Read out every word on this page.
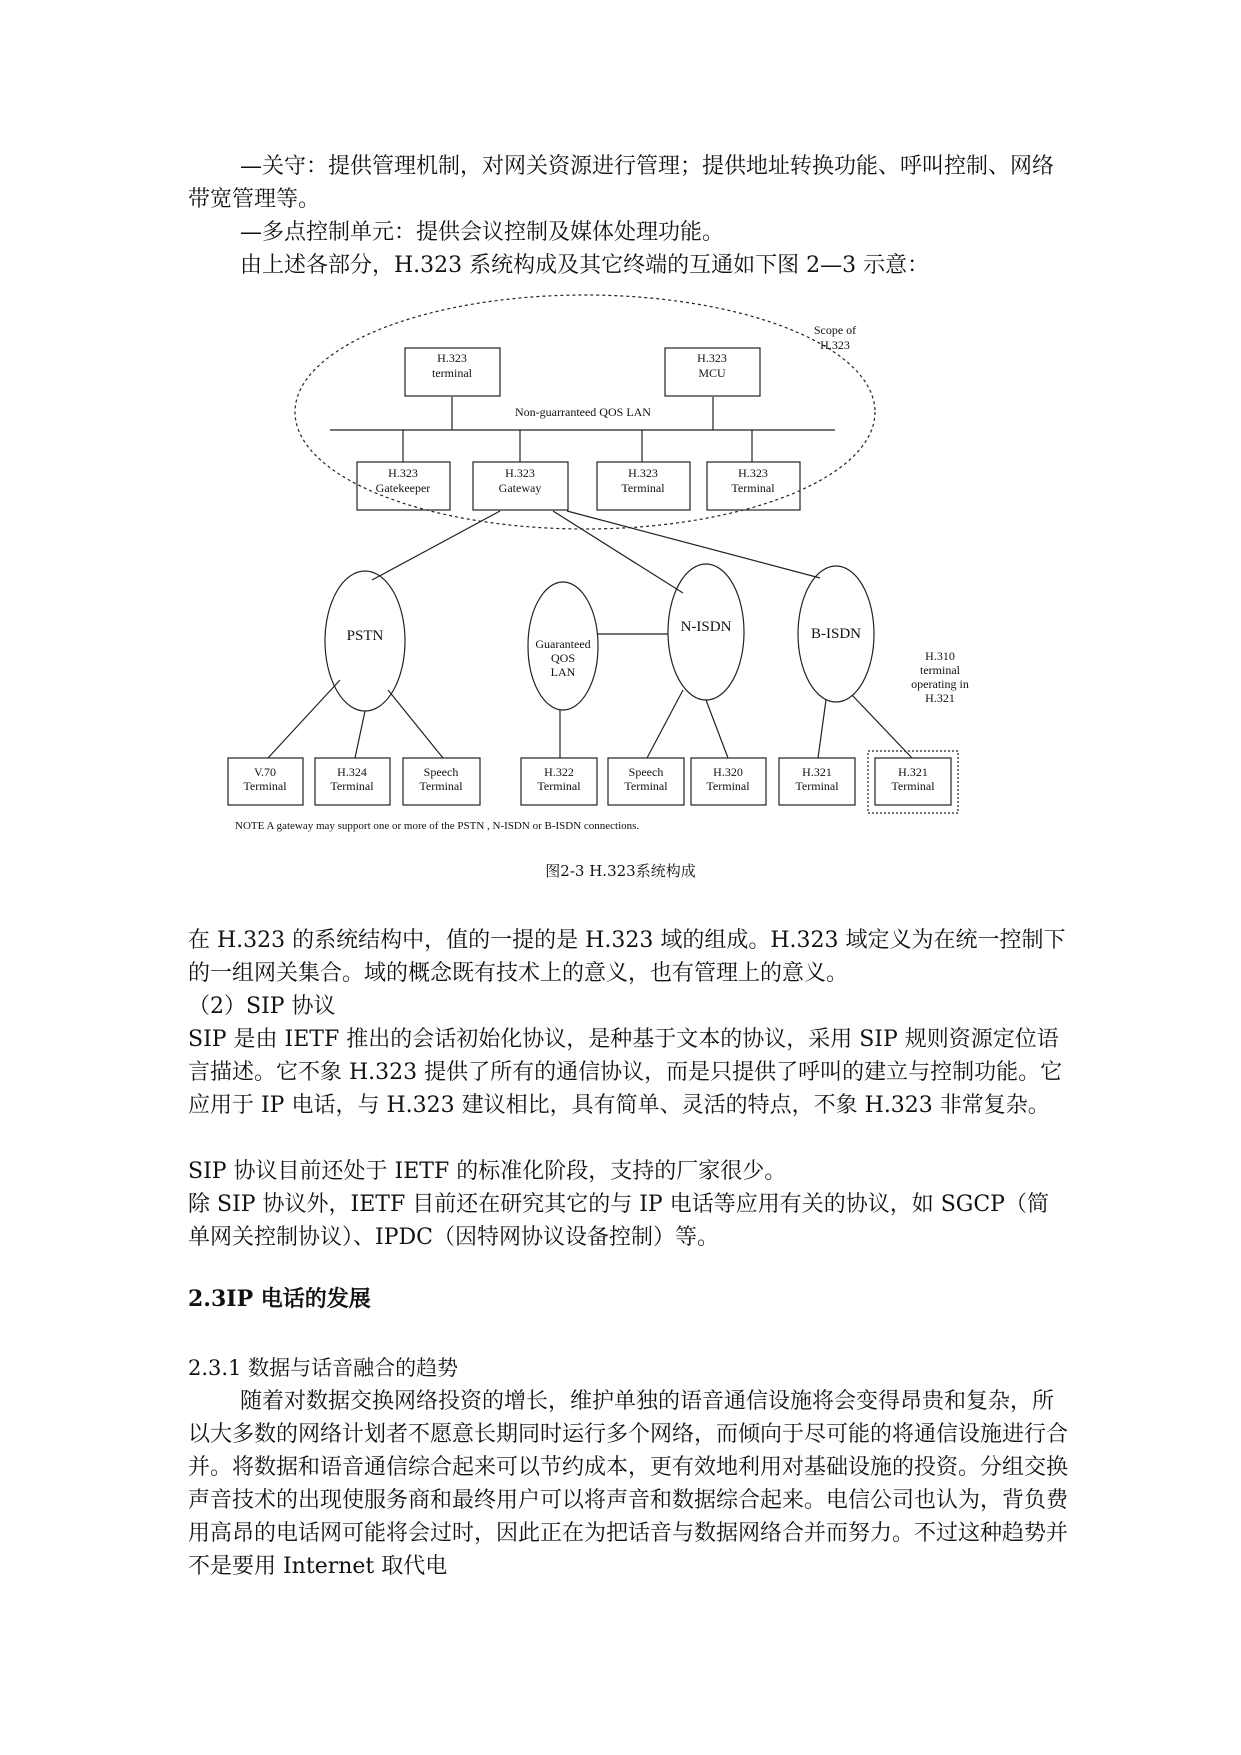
—关守：提供管理机制，对网关资源进行管理；提供地址转换功能、呼叫控制、网络带宽管理等。

—多点控制单元：提供会议控制及媒体处理功能。

由上述各部分，H.323 系统构成及其它终端的互通如下图 2—3 示意：

Scope of
H.323
Non-guarranteed QOS LAN
H.323
terminal
H.323
MCU
H.323
Gatekeeper
H.323
Gateway
H.323
Terminal
H.323
Terminal
PSTN	Guaranteed
QOS
LAN
N-ISDN	B-ISDN
H.310
terminal
operating in
H.321
V.70
Terminal
H.324
Terminal
Speech
Terminal
H.322
Terminal
Speech
Terminal
H.320
Terminal
H.321
Terminal
H.321
Terminal
NOTE A gateway may support one or more of the PSTN , N-ISDN or B-ISDN connections.

图2-3 H.323系统构成

在 H.323 的系统结构中，值的一提的是 H.323 域的组成。H.323 域定义为在统一控制下的一组网关集合。域的概念既有技术上的意义，也有管理上的意义。

（2）SIP 协议

SIP 是由 IETF 推出的会话初始化协议，是种基于文本的协议，采用 SIP 规则资源定位语言描述。它不象 H.323 提供了所有的通信协议，而是只提供了呼叫的建立与控制功能。它应用于 IP 电话，与 H.323 建议相比，具有简单、灵活的特点，不象 H.323 非常复杂。

SIP 协议目前还处于 IETF 的标准化阶段，支持的厂家很少。

除 SIP 协议外，IETF 目前还在研究其它的与 IP 电话等应用有关的协议，如 SGCP（简单网关控制协议）、IPDC（因特网协议设备控制）等。

2.3IP 电话的发展

2.3.1 数据与话音融合的趋势

随着对数据交换网络投资的增长，维护单独的语音通信设施将会变得昂贵和复杂，所以大多数的网络计划者不愿意长期同时运行多个网络，而倾向于尽可能的将通信设施进行合并。将数据和语音通信综合起来可以节约成本，更有效地利用对基础设施的投资。分组交换声音技术的出现使服务商和最终用户可以将声音和数据综合起来。电信公司也认为，背负费用高昂的电话网可能将会过时，因此正在为把话音与数据网络合并而努力。不过这种趋势并不是要用 Internet 取代电
